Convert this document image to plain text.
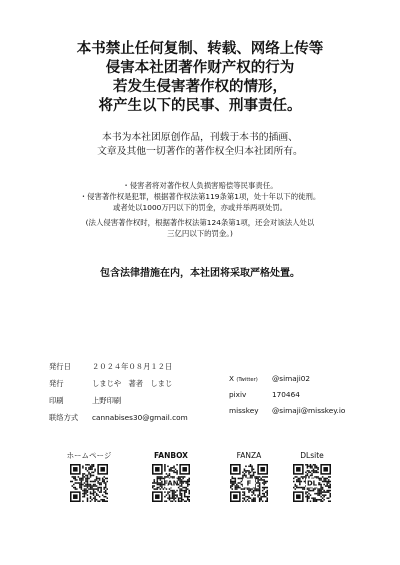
本书禁止任何复制、转载、网络上传等
侵害本社团著作财产权的行为
若发生侵害著作权的情形，
将产生以下的民事、刑事责任。
本书为本社团原创作品，刊载于本书的插画、
文章及其他一切著作的著作权全归本社团所有。
・侵害者将对著作权人负损害赔偿等民事责任。
・侵害著作权是犯罪，根据著作权法第119条第1项，处十年以下的徒刑。
或者处以1000万円以下的罚金，亦或并举两项处罚。
(法人侵害著作权时，根据著作权法第124条第1项，还会对该法人处以
三亿円以下的罚金。)
包含法律措施在内，本社团将采取严格处置。
発行日	２０２４年０８月１２日
発行	しまじや　著者　しまじ
印刷	上野印刷
联络方式 cannabises30@gmail.com
X (Twitter) @simaji02
pixiv	170464
misskey @simaji@misskey.io
ホームページ	FANBOX
FAN
FANZA
F
DLsite
DL
